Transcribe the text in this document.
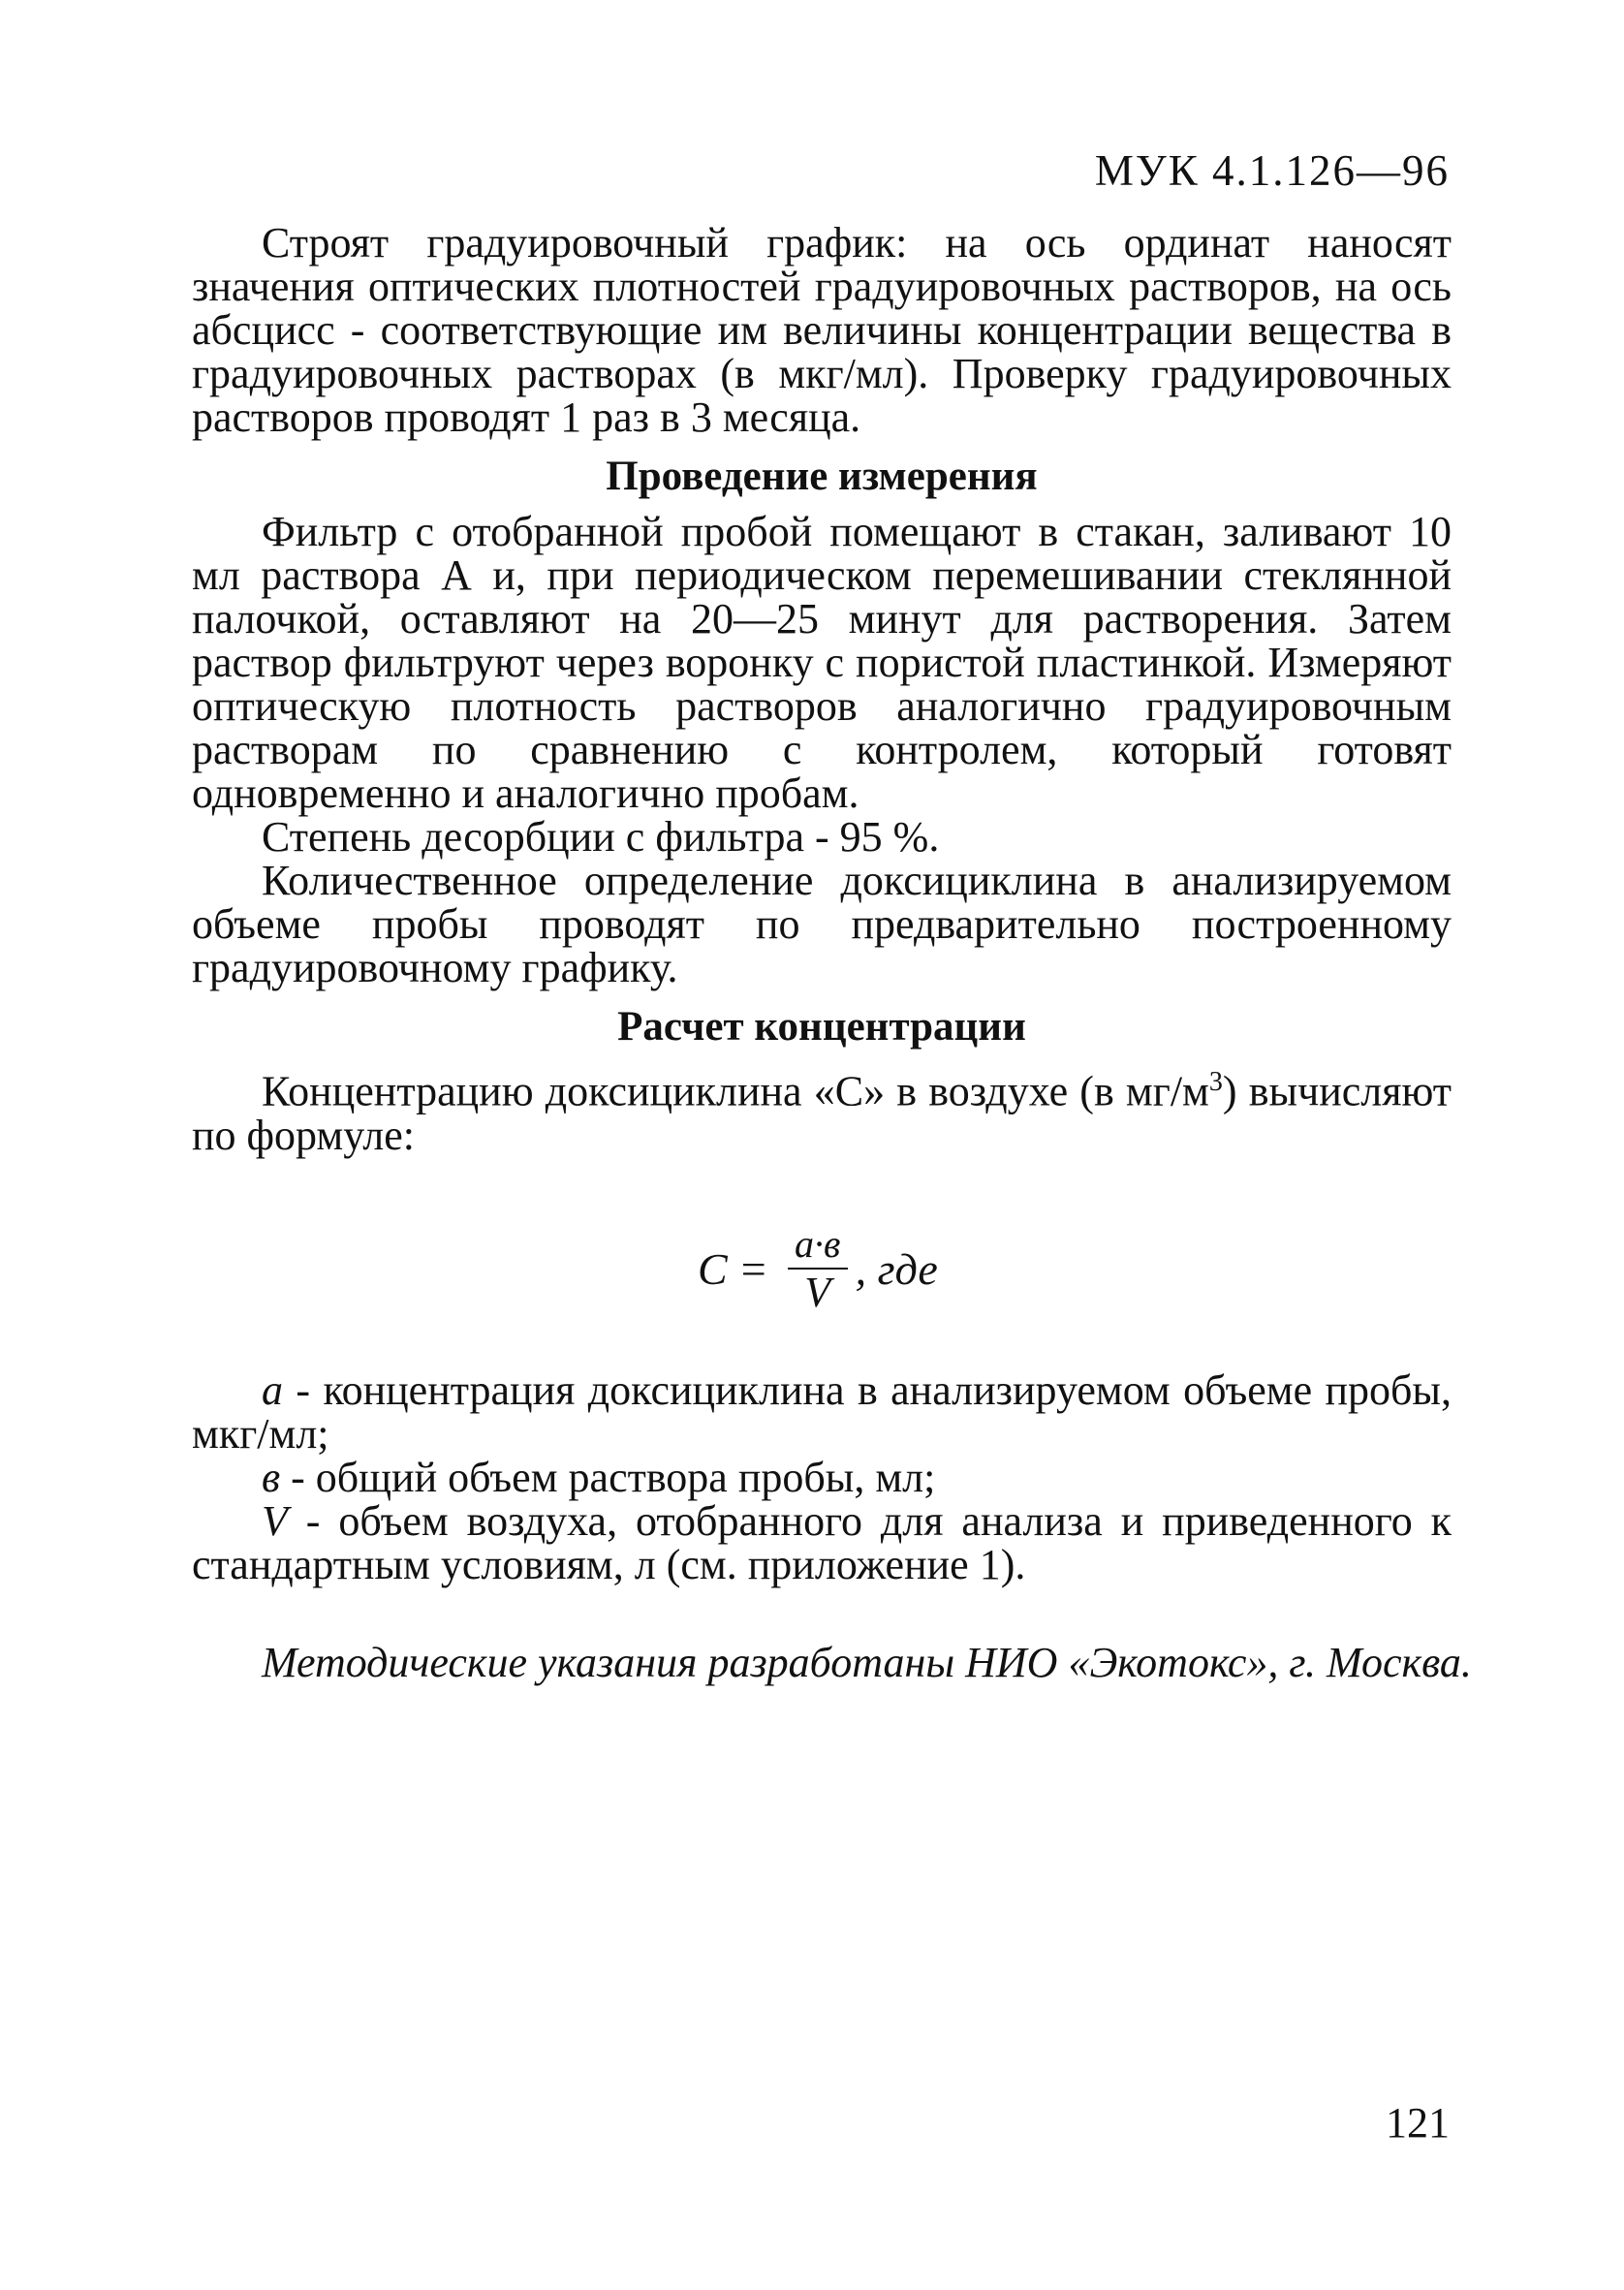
МУК 4.1.126—96

Строят градуировочный график: на ось ординат наносят значения оптических плотностей градуировочных растворов, на ось абсцисс - соответствующие им величины концентрации вещества в градуировочных растворах (в мкг/мл). Проверку градуировочных растворов проводят 1 раз в 3 месяца.

Проведение измерения

Фильтр с отобранной пробой помещают в стакан, заливают 10 мл раствора А и, при периодическом перемешивании стеклянной палочкой, оставляют на 20—25 минут для растворения. Затем раствор фильтруют через воронку с пористой пластинкой. Измеряют оптическую плотность растворов аналогично градуировочным растворам по сравнению с контролем, который готовят одновременно и аналогично пробам.

Степень десорбции с фильтра - 95 %.

Количественное определение доксициклина в анализируемом объеме пробы проводят по предварительно построенному градуировочному графику.

Расчет концентрации

Концентрацию доксициклина «С» в воздухе (в $мг/м^3$) вычисляют по формуле:

$С = \frac{а\cdot в}{V}$ , где

а - концентрация доксициклина в анализируемом объеме пробы, мкг/мл;

в - общий объем раствора пробы, мл;

V - объем воздуха, отобранного для анализа и приведенного к стандартным условиям, л (см. приложение 1).

Методические указания разработаны НИО «Экотокс», г. Москва.
121
